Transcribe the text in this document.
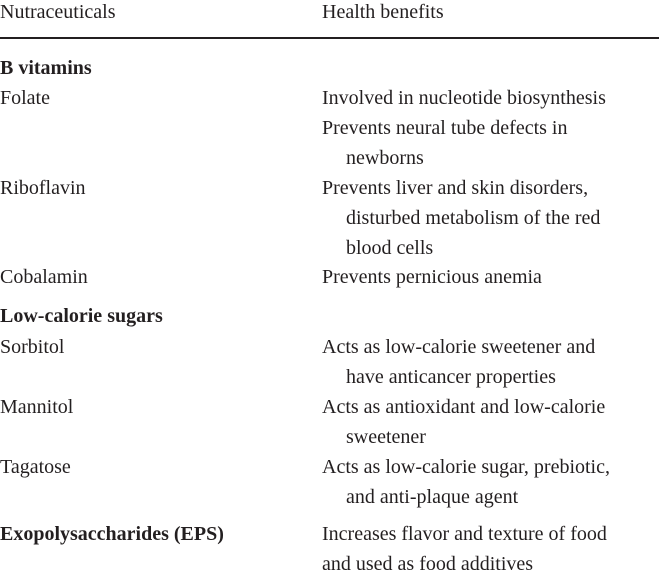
Nutraceuticals	Health benefits
B vitamins
Folate	Involved in nucleotide biosynthesis
Prevents neural tube defects in
newborns
Riboflavin	Prevents liver and skin disorders,
disturbed metabolism of the red
blood cells
Cobalamin	Prevents pernicious anemia
Low-calorie sugars
Sorbitol	Acts as low-calorie sweetener and
have anticancer properties
Mannitol	Acts as antioxidant and low-calorie
sweetener
Tagatose	Acts as low-calorie sugar, prebiotic,
and anti-plaque agent
Exopolysaccharides (EPS)	Increases flavor and texture of food
and used as food additives
